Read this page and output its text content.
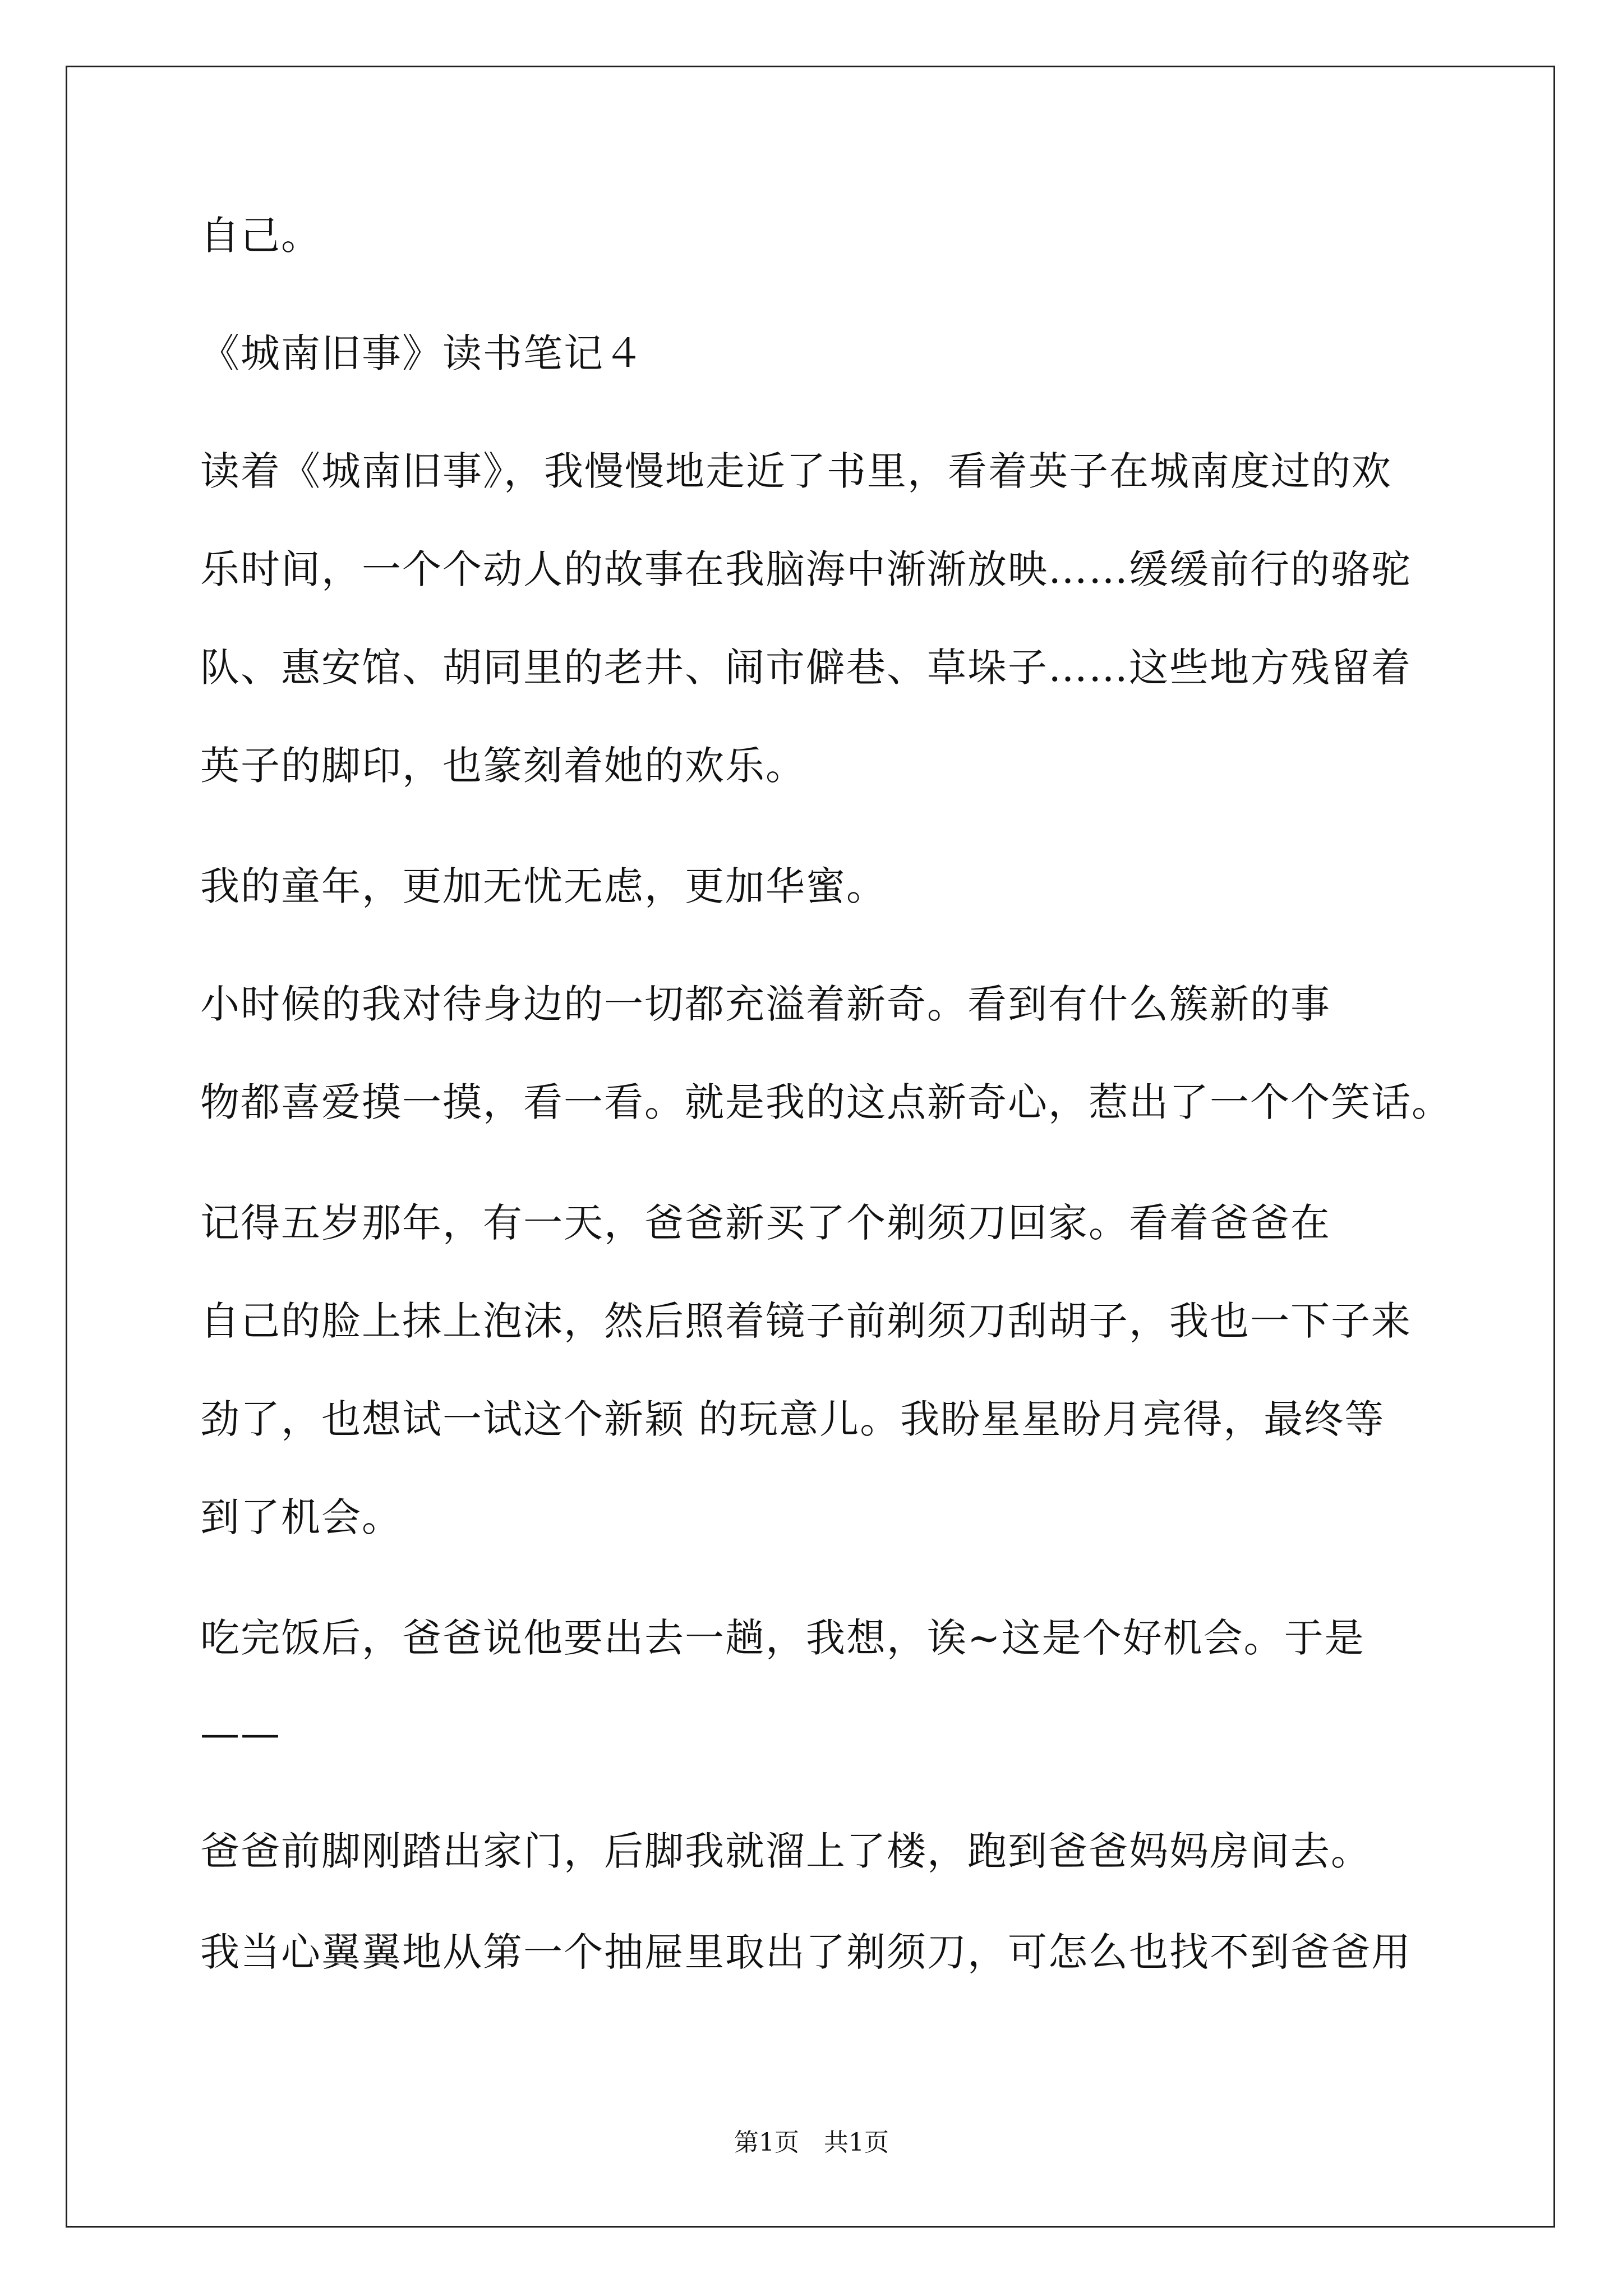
自己。
《城南旧事》读书笔记４
读着《城南旧事》，我慢慢地走近了书里，看着英子在城南度过的欢
乐时间，一个个动人的故事在我脑海中渐渐放映……缓缓前行的骆驼
队、惠安馆、胡同里的老井、闹市僻巷、草垛子……这些地方残留着
英子的脚印，也篆刻着她的欢乐。
我的童年，更加无忧无虑，更加华蜜。
小时候的我对待身边的一切都充溢着新奇。看到有什么簇新的事
物都喜爱摸一摸，看一看。就是我的这点新奇心，惹出了一个个笑话。
记得五岁那年，有一天，爸爸新买了个剃须刀回家。看着爸爸在
自己的脸上抹上泡沫，然后照着镜子前剃须刀刮胡子，我也一下子来
劲了，也想试一试这个新颖 的玩意儿。我盼星星盼月亮得，最终等
到了机会。
吃完饭后，爸爸说他要出去一趟，我想，诶~这是个好机会。于是
——
爸爸前脚刚踏出家门，后脚我就溜上了楼，跑到爸爸妈妈房间去。
我当心翼翼地从第一个抽屉里取出了剃须刀，可怎么也找不到爸爸用
第1页　共1页
